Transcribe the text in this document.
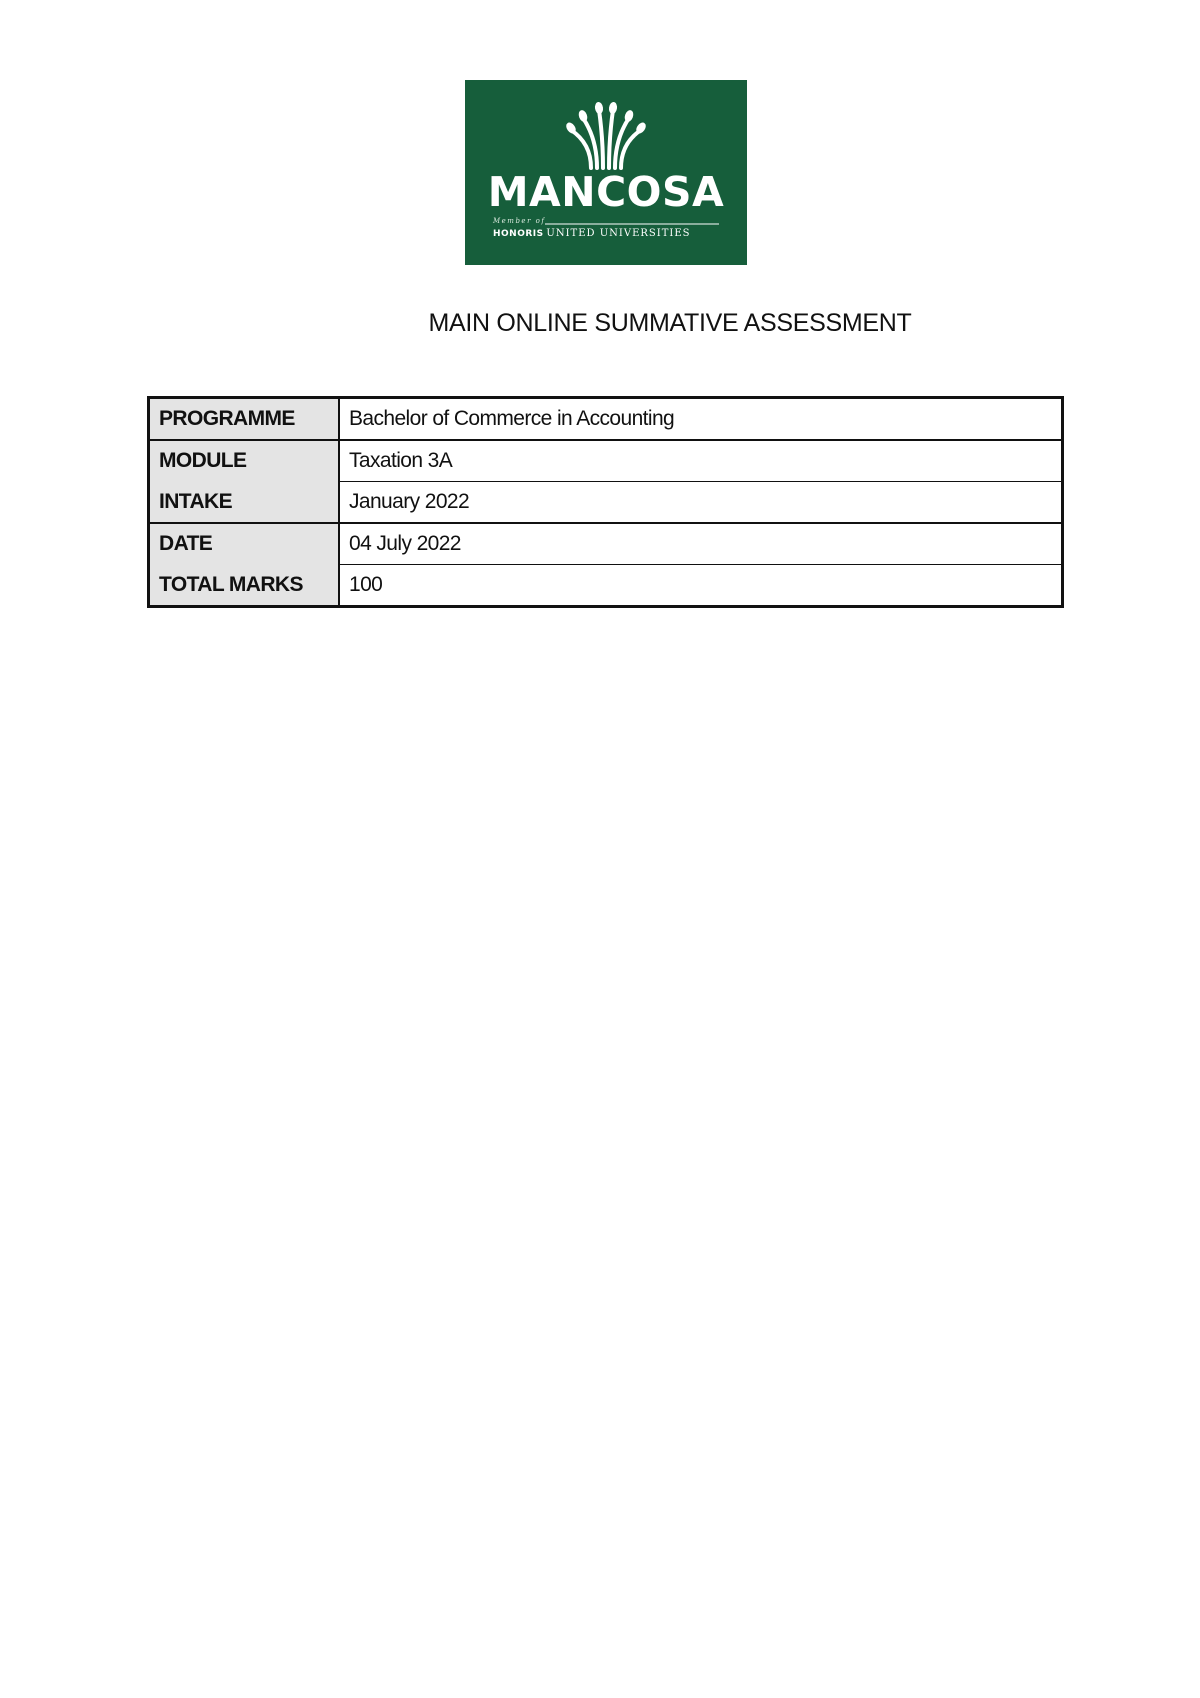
MANCOSA
Member of
HONORIS UNITED UNIVERSITIES
MAIN ONLINE SUMMATIVE ASSESSMENT
PROGRAMME	Bachelor of Commerce in Accounting
MODULE	Taxation 3A
INTAKE	January 2022
DATE	04 July 2022
TOTAL MARKS	100
